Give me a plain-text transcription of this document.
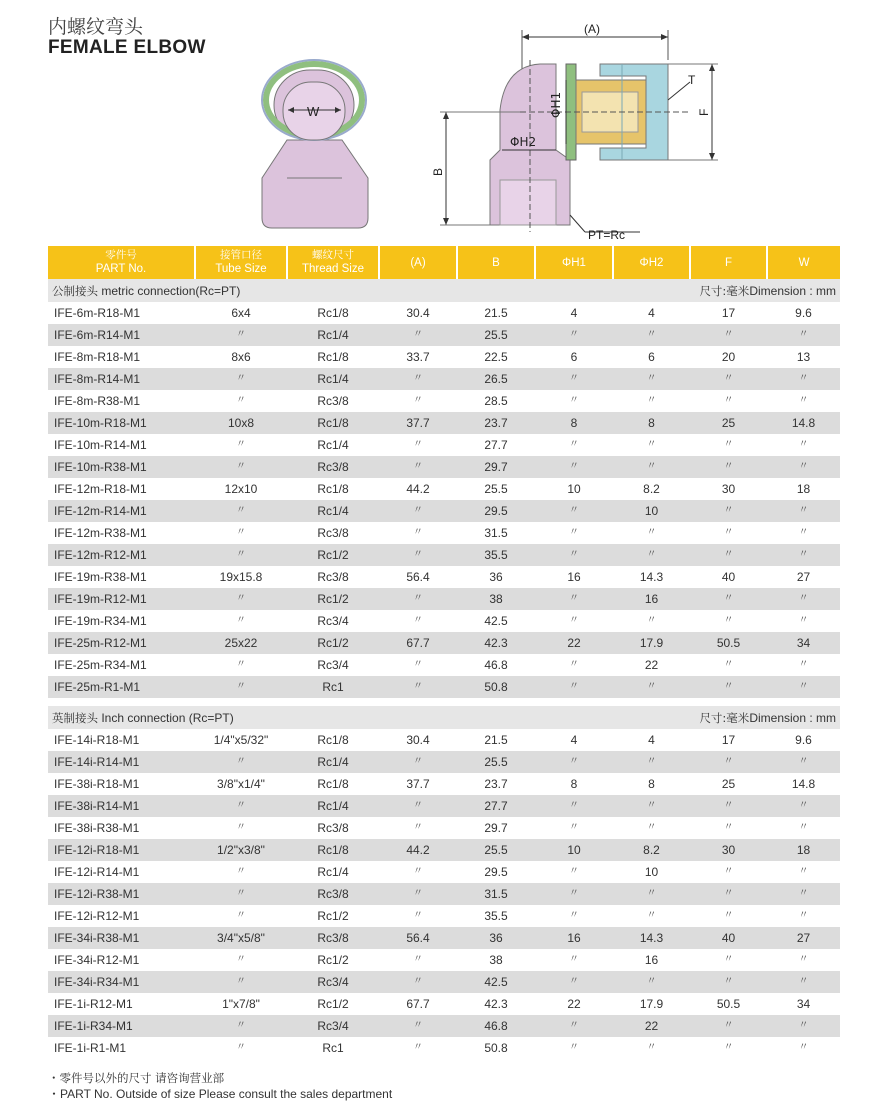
内螺纹弯头
FEMALE ELBOW
W
(A)
ΦH1
ΦH2
T
F
B
PT=Rc
零件号
PART No.	接管口径
Tube Size	螺纹尺寸
Thread Size	(A)	B	ΦH1	ΦH2	F	W

尺寸:毫米Dimension : mm
公制接头 metric connection(Rc=PT)								
IFE-6m-R18-M1	6x4	Rc1/8	30.4	21.5	4	4	17	9.6
IFE-6m-R14-M1	〃	Rc1/4	〃	25.5	〃	〃	〃	〃
IFE-8m-R18-M1	8x6	Rc1/8	33.7	22.5	6	6	20	13
IFE-8m-R14-M1	〃	Rc1/4	〃	26.5	〃	〃	〃	〃
IFE-8m-R38-M1	〃	Rc3/8	〃	28.5	〃	〃	〃	〃
IFE-10m-R18-M1	10x8	Rc1/8	37.7	23.7	8	8	25	14.8
IFE-10m-R14-M1	〃	Rc1/4	〃	27.7	〃	〃	〃	〃
IFE-10m-R38-M1	〃	Rc3/8	〃	29.7	〃	〃	〃	〃
IFE-12m-R18-M1	12x10	Rc1/8	44.2	25.5	10	8.2	30	18
IFE-12m-R14-M1	〃	Rc1/4	〃	29.5	〃	10	〃	〃
IFE-12m-R38-M1	〃	Rc3/8	〃	31.5	〃	〃	〃	〃
IFE-12m-R12-M1	〃	Rc1/2	〃	35.5	〃	〃	〃	〃
IFE-19m-R38-M1	19x15.8	Rc3/8	56.4	36	16	14.3	40	27
IFE-19m-R12-M1	〃	Rc1/2	〃	38	〃	16	〃	〃
IFE-19m-R34-M1	〃	Rc3/4	〃	42.5	〃	〃	〃	〃
IFE-25m-R12-M1	25x22	Rc1/2	67.7	42.3	22	17.9	50.5	34
IFE-25m-R34-M1	〃	Rc3/4	〃	46.8	〃	22	〃	〃
IFE-25m-R1-M1	〃	Rc1	〃	50.8	〃	〃	〃	〃

尺寸:毫米Dimension : mm
英制接头 Inch connection (Rc=PT)								
IFE-14i-R18-M1	1/4"x5/32"	Rc1/8	30.4	21.5	4	4	17	9.6
IFE-14i-R14-M1	〃	Rc1/4	〃	25.5	〃	〃	〃	〃
IFE-38i-R18-M1	3/8"x1/4"	Rc1/8	37.7	23.7	8	8	25	14.8
IFE-38i-R14-M1	〃	Rc1/4	〃	27.7	〃	〃	〃	〃
IFE-38i-R38-M1	〃	Rc3/8	〃	29.7	〃	〃	〃	〃
IFE-12i-R18-M1	1/2"x3/8"	Rc1/8	44.2	25.5	10	8.2	30	18
IFE-12i-R14-M1	〃	Rc1/4	〃	29.5	〃	10	〃	〃
IFE-12i-R38-M1	〃	Rc3/8	〃	31.5	〃	〃	〃	〃
IFE-12i-R12-M1	〃	Rc1/2	〃	35.5	〃	〃	〃	〃
IFE-34i-R38-M1	3/4"x5/8"	Rc3/8	56.4	36	16	14.3	40	27
IFE-34i-R12-M1	〃	Rc1/2	〃	38	〃	16	〃	〃
IFE-34i-R34-M1	〃	Rc3/4	〃	42.5	〃	〃	〃	〃
IFE-1i-R12-M1	1"x7/8"	Rc1/2	67.7	42.3	22	17.9	50.5	34
IFE-1i-R34-M1	〃	Rc3/4	〃	46.8	〃	22	〃	〃
IFE-1i-R1-M1	〃	Rc1	〃	50.8	〃	〃	〃	〃
・零件号以外的尺寸 请咨询营业部
・PART No. Outside of size Please consult the sales department
